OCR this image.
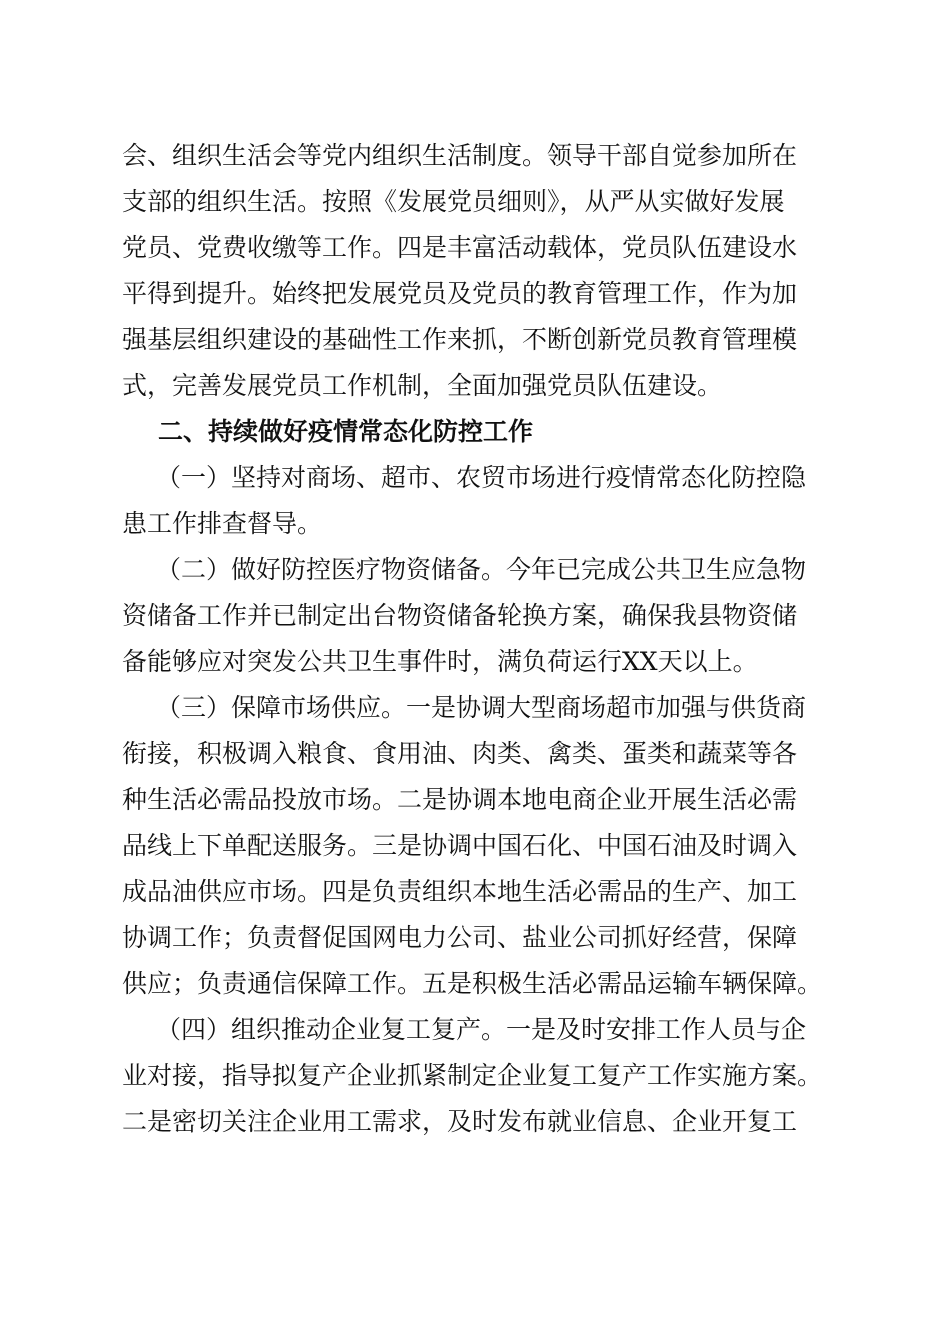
会、组织生活会等党内组织生活制度。领导干部自觉参加所在
支部的组织生活。按照《发展党员细则》，从严从实做好发展
党员、党费收缴等工作。四是丰富活动载体，党员队伍建设水
平得到提升。始终把发展党员及党员的教育管理工作，作为加
强基层组织建设的基础性工作来抓，不断创新党员教育管理模
式，完善发展党员工作机制，全面加强党员队伍建设。
二、持续做好疫情常态化防控工作
（一）坚持对商场、超市、农贸市场进行疫情常态化防控隐
患工作排查督导。
（二）做好防控医疗物资储备。今年已完成公共卫生应急物
资储备工作并已制定出台物资储备轮换方案，确保我县物资储
备能够应对突发公共卫生事件时，满负荷运行XX天以上。
（三）保障市场供应。一是协调大型商场超市加强与供货商
衔接，积极调入粮食、食用油、肉类、禽类、蛋类和蔬菜等各
种生活必需品投放市场。二是协调本地电商企业开展生活必需
品线上下单配送服务。三是协调中国石化、中国石油及时调入
成品油供应市场。四是负责组织本地生活必需品的生产、加工
协调工作；负责督促国网电力公司、盐业公司抓好经营，保障
供应；负责通信保障工作。五是积极生活必需品运输车辆保障。
（四）组织推动企业复工复产。一是及时安排工作人员与企
业对接，指导拟复产企业抓紧制定企业复工复产工作实施方案。
二是密切关注企业用工需求，及时发布就业信息、企业开复工
